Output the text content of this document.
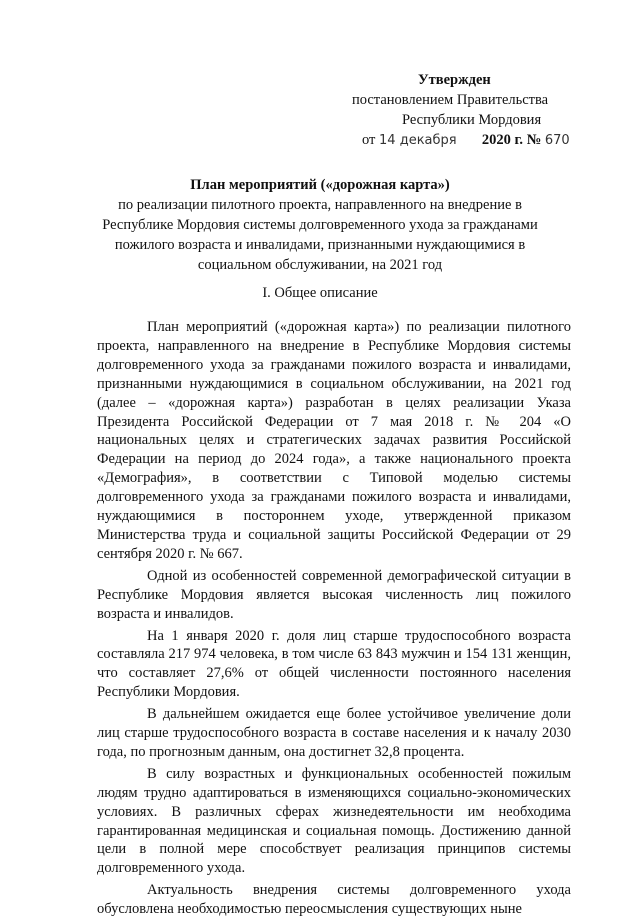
Утвержден
постановлением Правительства
Республики Мордовия
от 14 декабря 2020 г. № 670
План мероприятий («дорожная карта»)
по реализации пилотного проекта, направленного на внедрение в
Республике Мордовия системы долговременного ухода за гражданами
пожилого возраста и инвалидами, признанными нуждающимися в
социальном обслуживании, на 2021 год
I. Общее описание

План мероприятий («дорожная карта») по реализации пилотного проекта, направленного на внедрение в Республике Мордовия системы долговременного ухода за гражданами пожилого возраста и инвалидами, признанными нуждающимися в социальном обслуживании, на 2021 год (далее – «дорожная карта») разработан в целях реализации Указа Президента Российской Федерации от 7 мая 2018 г. № 204 «О национальных целях и стратегических задачах развития Российской Федерации на период до 2024 года», а также национального проекта «Демография», в соответствии с Типовой моделью системы долговременного ухода за гражданами пожилого возраста и инвалидами, нуждающимися в постороннем уходе, утвержденной приказом Министерства труда и социальной защиты Российской Федерации от 29 сентября 2020 г. № 667.

Одной из особенностей современной демографической ситуации в Республике Мордовия является высокая численность лиц пожилого возраста и инвалидов.

На 1 января 2020 г. доля лиц старше трудоспособного возраста составляла 217 974 человека, в том числе 63 843 мужчин и 154 131 женщин, что составляет 27,6% от общей численности постоянного населения Республики Мордовия.

В дальнейшем ожидается еще более устойчивое увеличение доли лиц старше трудоспособного возраста в составе населения и к началу 2030 года, по прогнозным данным, она достигнет 32,8 процента.

В силу возрастных и функциональных особенностей пожилым людям трудно адаптироваться в изменяющихся социально-экономических условиях. В различных сферах жизнедеятельности им необходима гарантированная медицинская и социальная помощь. Достижению данной цели в полной мере способствует реализация принципов системы долговременного ухода.

Актуальность внедрения системы долговременного ухода обусловлена необходимостью переосмысления существующих ныне
